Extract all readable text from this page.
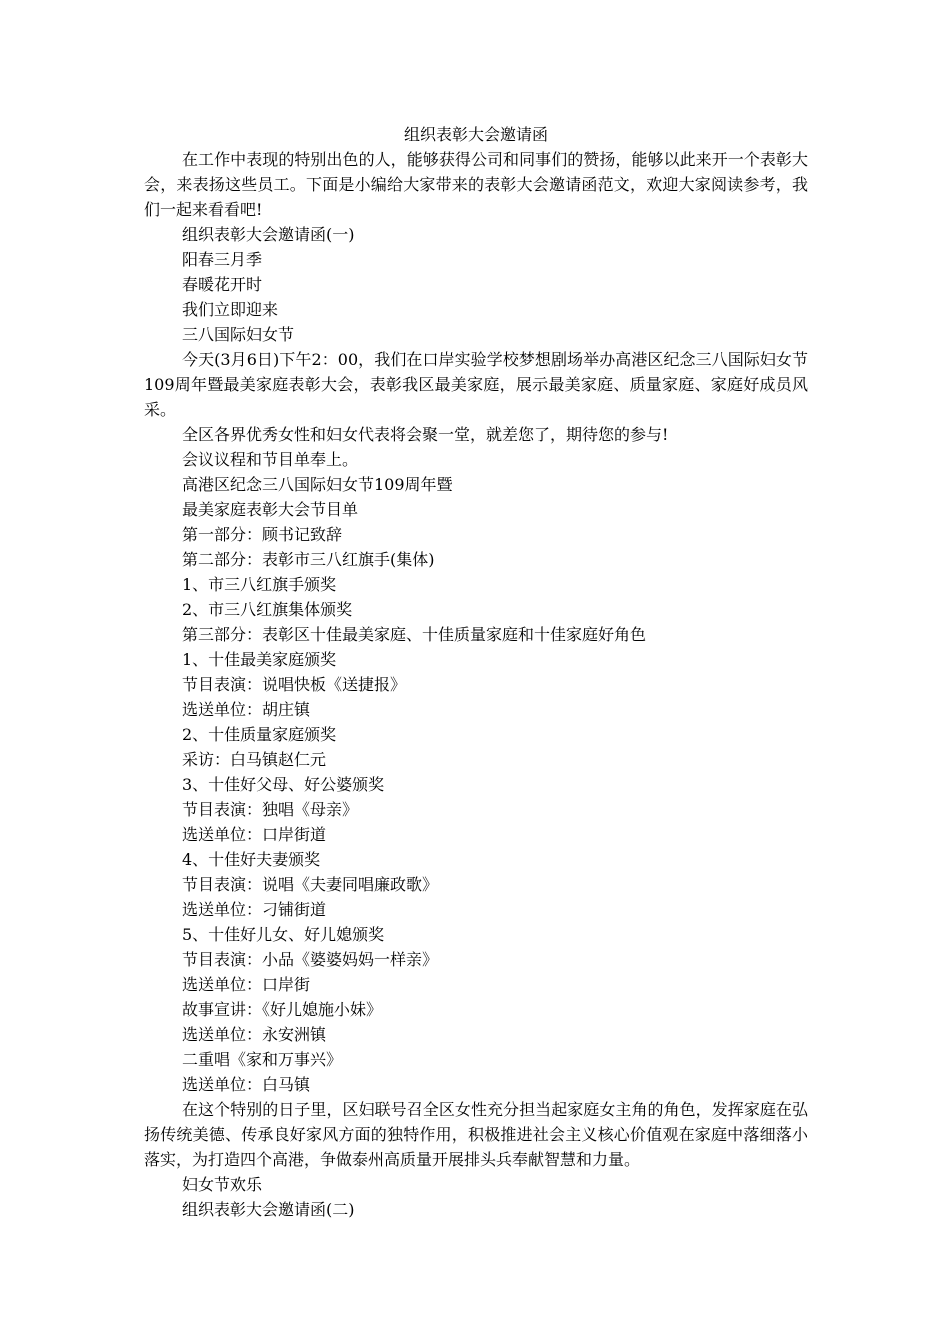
组织表彰大会邀请函

在工作中表现的特别出色的人，能够获得公司和同事们的赞扬，能够以此来开一个表彰大会，来表扬这些员工。下面是小编给大家带来的表彰大会邀请函范文，欢迎大家阅读参考，我们一起来看看吧!

组织表彰大会邀请函(一)

阳春三月季

春暖花开时

我们立即迎来

三八国际妇女节

今天(3月6日)下午2：00，我们在口岸实验学校梦想剧场举办高港区纪念三八国际妇女节109周年暨最美家庭表彰大会，表彰我区最美家庭，展示最美家庭、质量家庭、家庭好成员风采。

全区各界优秀女性和妇女代表将会聚一堂，就差您了，期待您的参与!

会议议程和节目单奉上。

高港区纪念三八国际妇女节109周年暨

最美家庭表彰大会节目单

第一部分：顾书记致辞

第二部分：表彰市三八红旗手(集体)

1、市三八红旗手颁奖

2、市三八红旗集体颁奖

第三部分：表彰区十佳最美家庭、十佳质量家庭和十佳家庭好角色

1、十佳最美家庭颁奖

节目表演：说唱快板《送捷报》

选送单位：胡庄镇

2、十佳质量家庭颁奖

采访：白马镇赵仁元

3、十佳好父母、好公婆颁奖

节目表演：独唱《母亲》

选送单位：口岸街道

4、十佳好夫妻颁奖

节目表演：说唱《夫妻同唱廉政歌》

选送单位：刁铺街道

5、十佳好儿女、好儿媳颁奖

节目表演：小品《婆婆妈妈一样亲》

选送单位：口岸街

故事宣讲：《好儿媳施小妹》

选送单位：永安洲镇

二重唱《家和万事兴》

选送单位：白马镇

在这个特别的日子里，区妇联号召全区女性充分担当起家庭女主角的角色，发挥家庭在弘扬传统美德、传承良好家风方面的独特作用，积极推进社会主义核心价值观在家庭中落细落小落实，为打造四个高港，争做泰州高质量开展排头兵奉献智慧和力量。

妇女节欢乐

组织表彰大会邀请函(二)
